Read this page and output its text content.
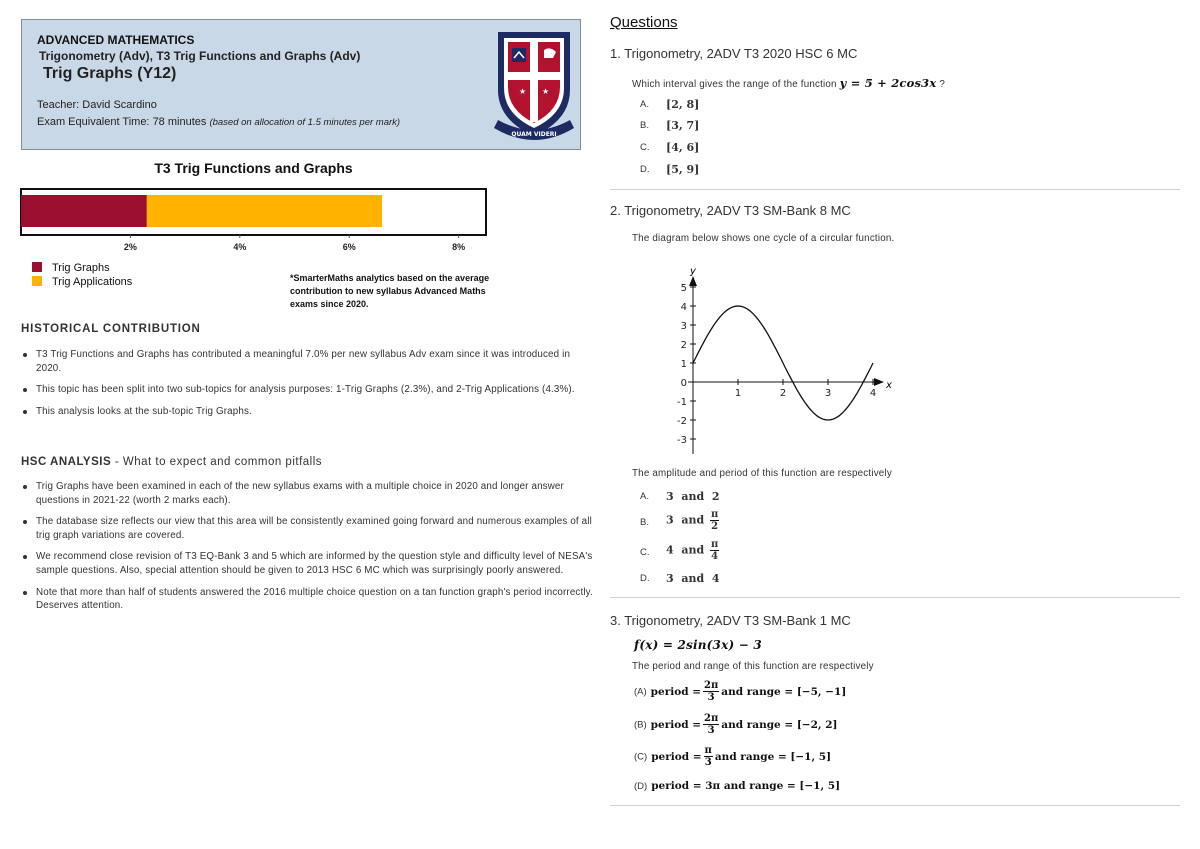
ADVANCED MATHEMATICS
Trigonometry (Adv), T3 Trig Functions and Graphs (Adv)
Trig Graphs (Y12)
Teacher: David Scardino
Exam Equivalent Time: 78 minutes (based on allocation of 1.5 minutes per mark)
★ ★
★
QUAM VIDERI
T3 Trig Functions and Graphs
2%	4%	6%	8%
Trig Graphs
Trig Applications	*SmarterMaths analytics based on the average contribution to new syllabus Advanced Maths exams since 2020.
HISTORICAL CONTRIBUTION
T3 Trig Functions and Graphs has contributed a meaningful 7.0% per new syllabus Adv exam since it was introduced in 2020.
This topic has been split into two sub-topics for analysis purposes: 1-Trig Graphs (2.3%), and 2-Trig Applications (4.3%).
This analysis looks at the sub-topic Trig Graphs.
HSC ANALYSIS - What to expect and common pitfalls
Trig Graphs have been examined in each of the new syllabus exams with a multiple choice in 2020 and longer answer questions in 2021-22 (worth 2 marks each).
The database size reflects our view that this area will be consistently examined going forward and numerous examples of all trig graph variations are covered.
We recommend close revision of T3 EQ-Bank 3 and 5 which are informed by the question style and difficulty level of NESA's sample questions. Also, special attention should be given to 2013 HSC 6 MC which was surprisingly poorly answered.
Note that more than half of students answered the 2016 multiple choice question on a tan function graph's period incorrectly. Deserves attention.
Questions
1. Trigonometry, 2ADV T3 2020 HSC 6 MC
Which interval gives the range of the function y = 5 + 2cos3x ?
A. [2, 8]
B. [3, 7]
C. [4, 6]
D. [5, 9]
2. Trigonometry, 2ADV T3 SM-Bank 8 MC
The diagram below shows one cycle of a circular function.
y
x
5
4
3
2
1
0
-1
-2
-3
1	2	3	4
The amplitude and period of this function are respectively
A. 3 and 2
B. 3 and $\frac{\pi}{2}$
C. 4 and $\frac{\pi}{4}$
D. 3 and 4
3. Trigonometry, 2ADV T3 SM-Bank 1 MC
f(x) = 2sin(3x) − 3
The period and range of this function are respectively
(A) period = $\frac{2\pi}{3}$ and range = [−5, −1]
(B) period = $\frac{2\pi}{3}$ and range = [−2, 2]
(C) period = $\frac{\pi}{3}$ and range = [−1, 5]
(D) period = 3π and range = [−1, 5]
